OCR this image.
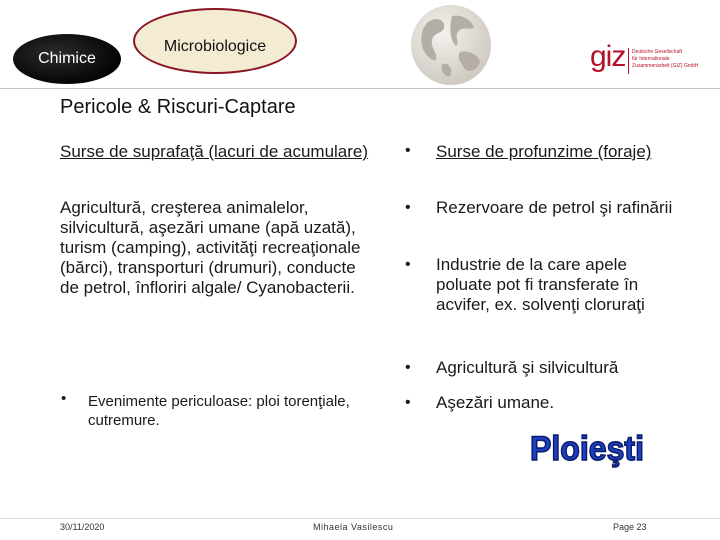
Chimice
Microbiologice	giz Deutsche Gesellschaft
für Internationale
Zusammenarbeit (GIZ) GmbH
Pericole & Riscuri-Captare
Surse de suprafaţă (lacuri de acumulare)
Agricultură, creşterea animalelor, silvicultură, aşezări umane (apă uzată), turism (camping), activităţi recreaţionale (bărci), transporturi (drumuri), conducte de petrol, înfloriri algale/ Cyanobacterii.
• Evenimente periculoase: ploi torenţiale, cutremure.
• Surse de profunzime (foraje)
• Rezervoare de petrol şi rafinării
• Industrie de la care apele poluate pot fi transferate în acvifer, ex. solvenţi cloruraţi
• Agricultură şi silvicultură
• Aşezări umane.
Ploieşti
30/11/2020	Mihaela Vasilescu	Page 23
